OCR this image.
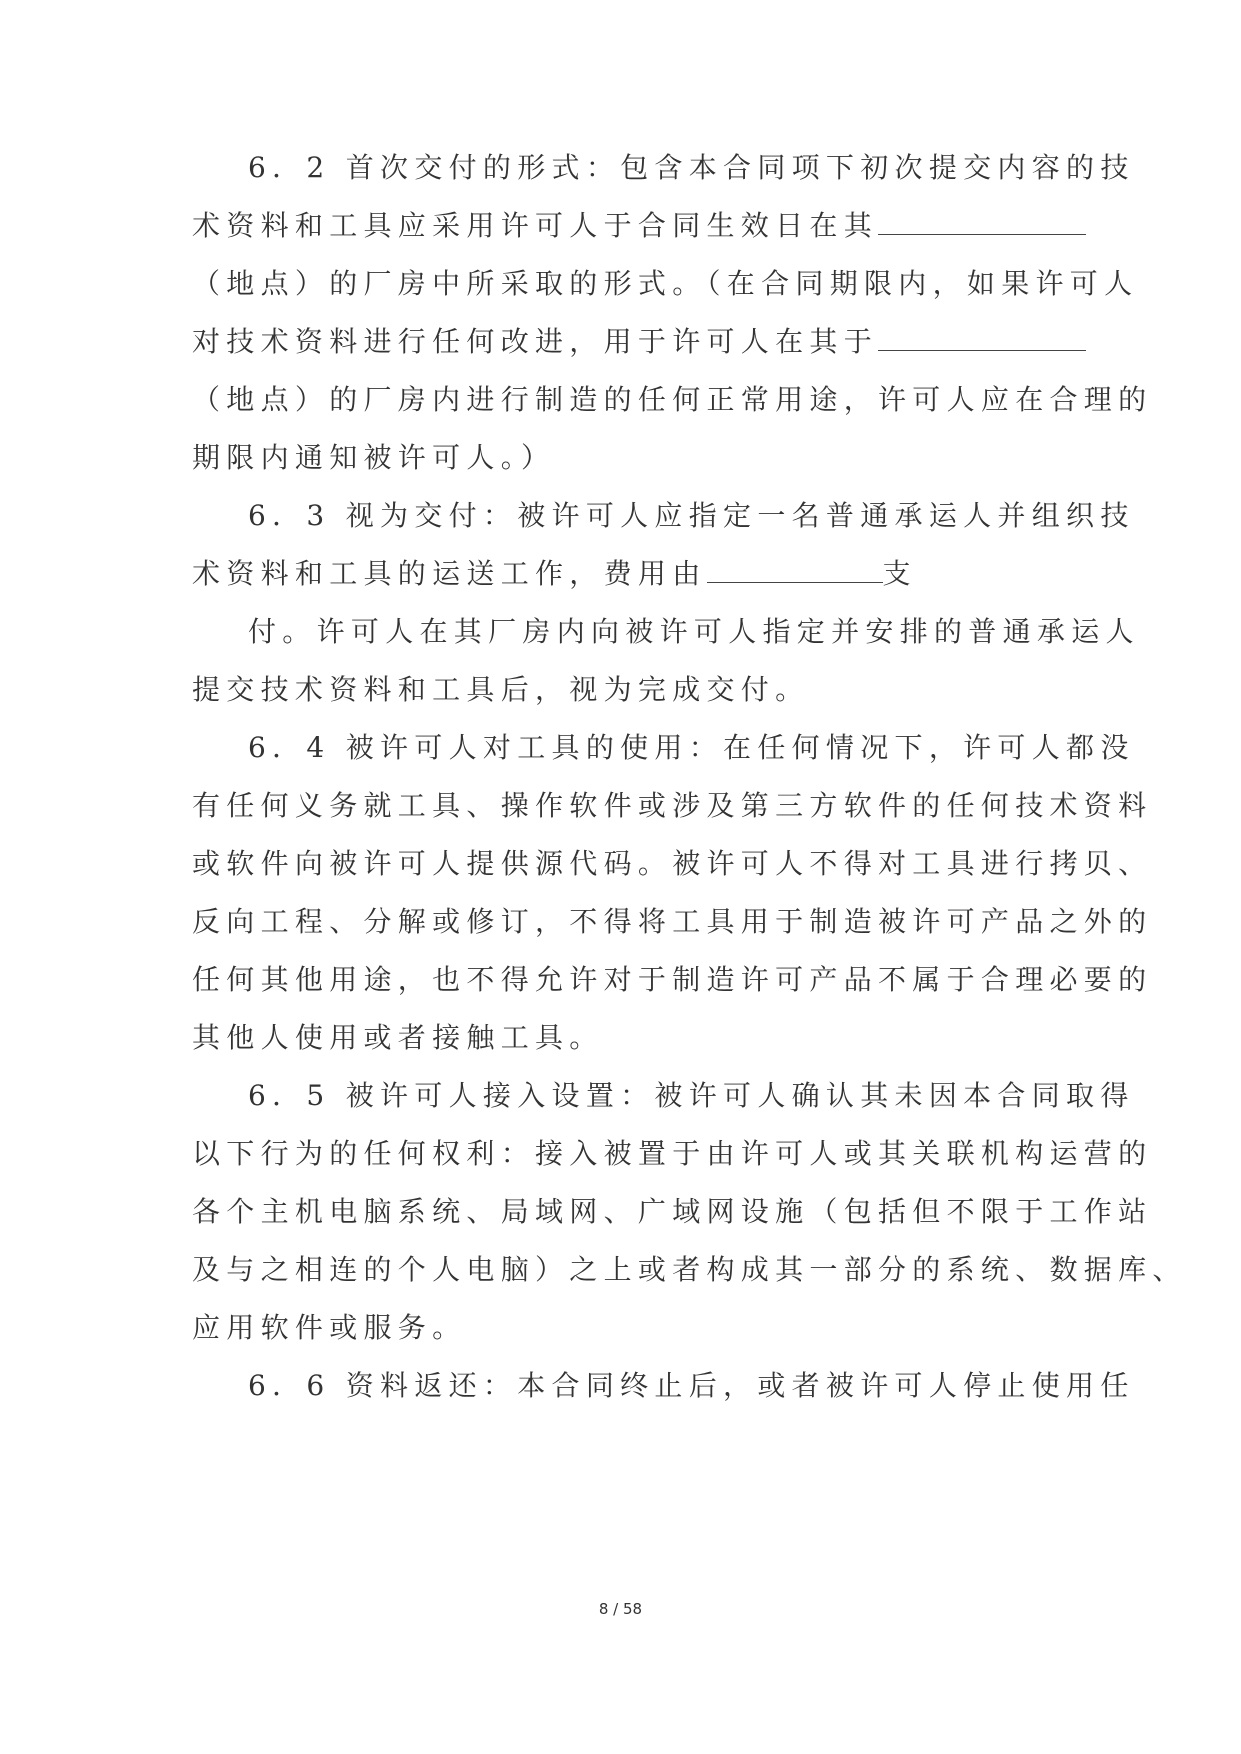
6．2 首次交付的形式：包含本合同项下初次提交内容的技
术资料和工具应采用许可人于合同生效日在其
（地点）的厂房中所采取的形式。（在合同期限内，如果许可人
对技术资料进行任何改进，用于许可人在其于
（地点）的厂房内进行制造的任何正常用途，许可人应在合理的
期限内通知被许可人。）
6．3 视为交付：被许可人应指定一名普通承运人并组织技
术资料和工具的运送工作，费用由	支
付。许可人在其厂房内向被许可人指定并安排的普通承运人
提交技术资料和工具后，视为完成交付。
6．4 被许可人对工具的使用：在任何情况下，许可人都没
有任何义务就工具、操作软件或涉及第三方软件的任何技术资料
或软件向被许可人提供源代码。被许可人不得对工具进行拷贝、
反向工程、分解或修订，不得将工具用于制造被许可产品之外的
任何其他用途，也不得允许对于制造许可产品不属于合理必要的
其他人使用或者接触工具。
6．5 被许可人接入设置：被许可人确认其未因本合同取得
以下行为的任何权利：接入被置于由许可人或其关联机构运营的
各个主机电脑系统、局域网、广域网设施（包括但不限于工作站
及与之相连的个人电脑）之上或者构成其一部分的系统、数据库、
应用软件或服务。
6．6 资料返还：本合同终止后，或者被许可人停止使用任
8 / 58
